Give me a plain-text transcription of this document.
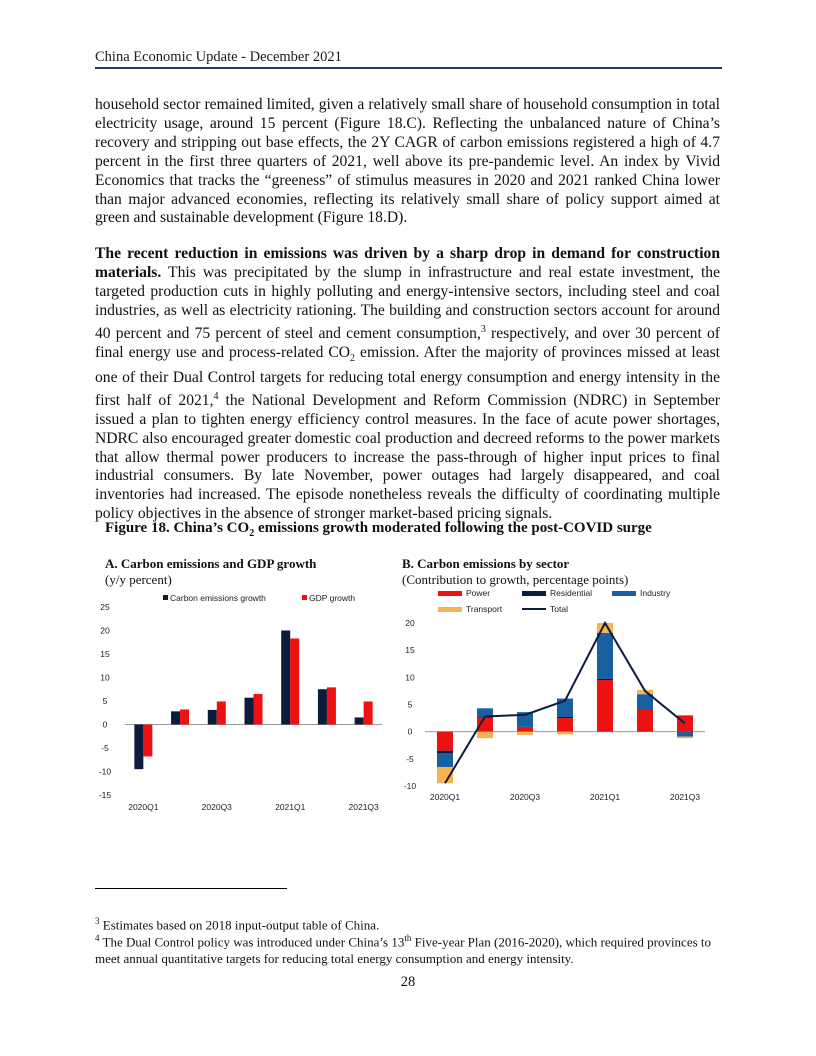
China Economic Update - December 2021

household sector remained limited, given a relatively small share of household consumption in total electricity usage, around 15 percent (Figure 18.C). Reflecting the unbalanced nature of China’s recovery and stripping out base effects, the 2Y CAGR of carbon emissions registered a high of 4.7 percent in the first three quarters of 2021, well above its pre-pandemic level. An index by Vivid Economics that tracks the “greeness” of stimulus measures in 2020 and 2021 ranked China lower than major advanced economies, reflecting its relatively small share of policy support aimed at green and sustainable development (Figure 18.D).

The recent reduction in emissions was driven by a sharp drop in demand for construction materials. This was precipitated by the slump in infrastructure and real estate investment, the targeted production cuts in highly polluting and energy-intensive sectors, including steel and coal industries, as well as electricity rationing. The building and construction sectors account for around 40 percent and 75 percent of steel and cement consumption,$^3$ respectively, and over 30 percent of final energy use and process-related $CO_2$ emission. After the majority of provinces missed at least one of their Dual Control targets for reducing total energy consumption and energy intensity in the first half of 2021,$^4$ the National Development and Reform Commission (NDRC) in September issued a plan to tighten energy efficiency control measures. In the face of acute power shortages, NDRC also encouraged greater domestic coal production and decreed reforms to the power markets that allow thermal power producers to increase the pass-through of higher input prices to final industrial consumers. By late November, power outages had largely disappeared, and coal inventories had increased. The episode nonetheless reveals the difficulty of coordinating multiple policy objectives in the absence of stronger market-based pricing signals.

Figure 18. China’s $CO_2$ emissions growth moderated following the post-COVID surge
A. Carbon emissions and GDP growth
(y/y percent)
B. Carbon emissions by sector
(Contribution to growth, percentage points)
25
20
15
10
5
0
-5
-10
-15
2020Q1	2020Q3	2021Q1	2021Q3
Carbon emissions growth	GDP growth
20
15
10
5
0
-5
-10
2020Q1	2020Q3	2021Q1	2021Q3
Power	Residential	Industry
Transport	Total

$^3$ Estimates based on 2018 input-output table of China.

$^4$ The Dual Control policy was introduced under China’s 13th Five-year Plan (2016-2020), which required provinces to meet annual quantitative targets for reducing total energy consumption and energy intensity.

28
